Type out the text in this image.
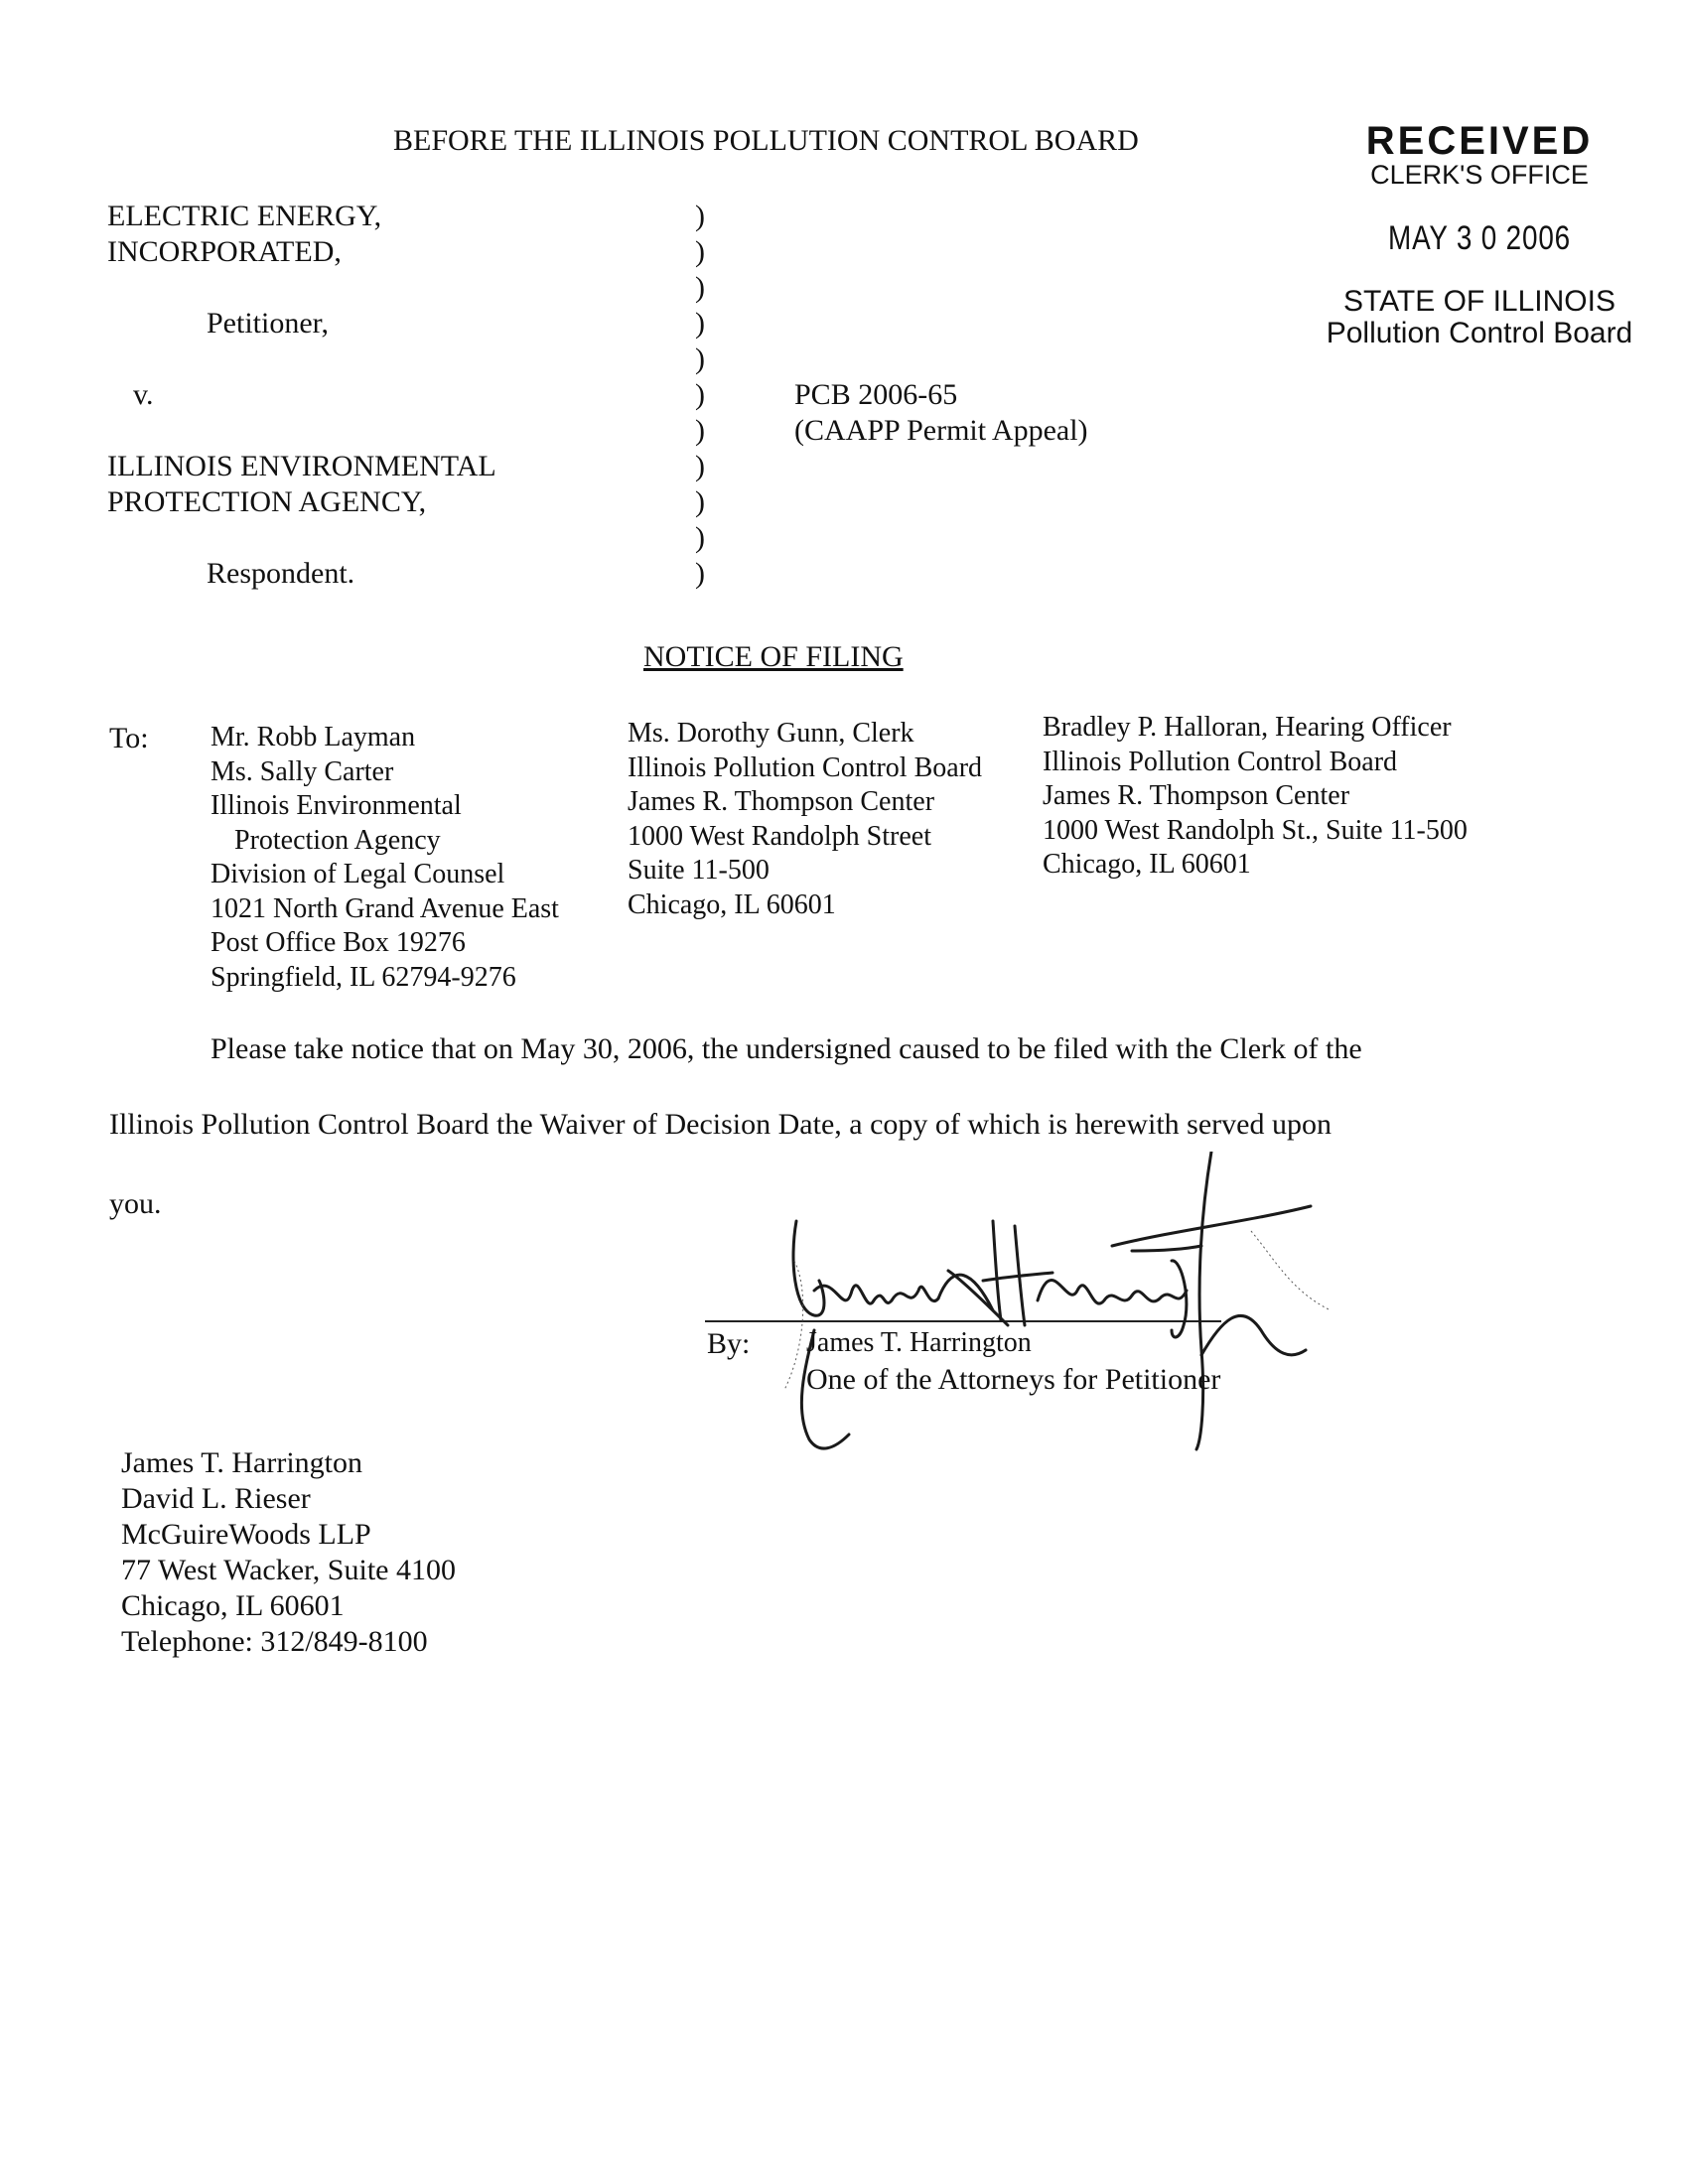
BEFORE THE ILLINOIS POLLUTION CONTROL BOARD	RECEIVED
CLERK'S OFFICE
MAY 3 0 2006
STATE OF ILLINOIS
Pollution Control Board
ELECTRIC ENERGY,
INCORPORATED,
Petitioner,
v.
ILLINOIS ENVIRONMENTAL
PROTECTION AGENCY,
Respondent.
)
)
)
)
)
)
)
)
)
)
)
PCB 2006-65
(CAAPP Permit Appeal)
NOTICE OF FILING
To: Mr. Robb Layman
Ms. Sally Carter
Illinois Environmental
Protection Agency
Division of Legal Counsel
1021 North Grand Avenue East
Post Office Box 19276
Springfield, IL 62794-9276
Ms. Dorothy Gunn, Clerk
Illinois Pollution Control Board
James R. Thompson Center
1000 West Randolph Street
Suite 11-500
Chicago, IL 60601
Bradley P. Halloran, Hearing Officer
Illinois Pollution Control Board
James R. Thompson Center
1000 West Randolph St., Suite 11-500
Chicago, IL 60601
Please take notice that on May 30, 2006, the undersigned caused to be filed with the Clerk of the
Illinois Pollution Control Board the Waiver of Decision Date, a copy of which is herewith served upon
you.
By: James T. Harrington
One of the Attorneys for Petitioner
James T. Harrington
David L. Rieser
McGuireWoods LLP
77 West Wacker, Suite 4100
Chicago, IL 60601
Telephone: 312/849-8100
